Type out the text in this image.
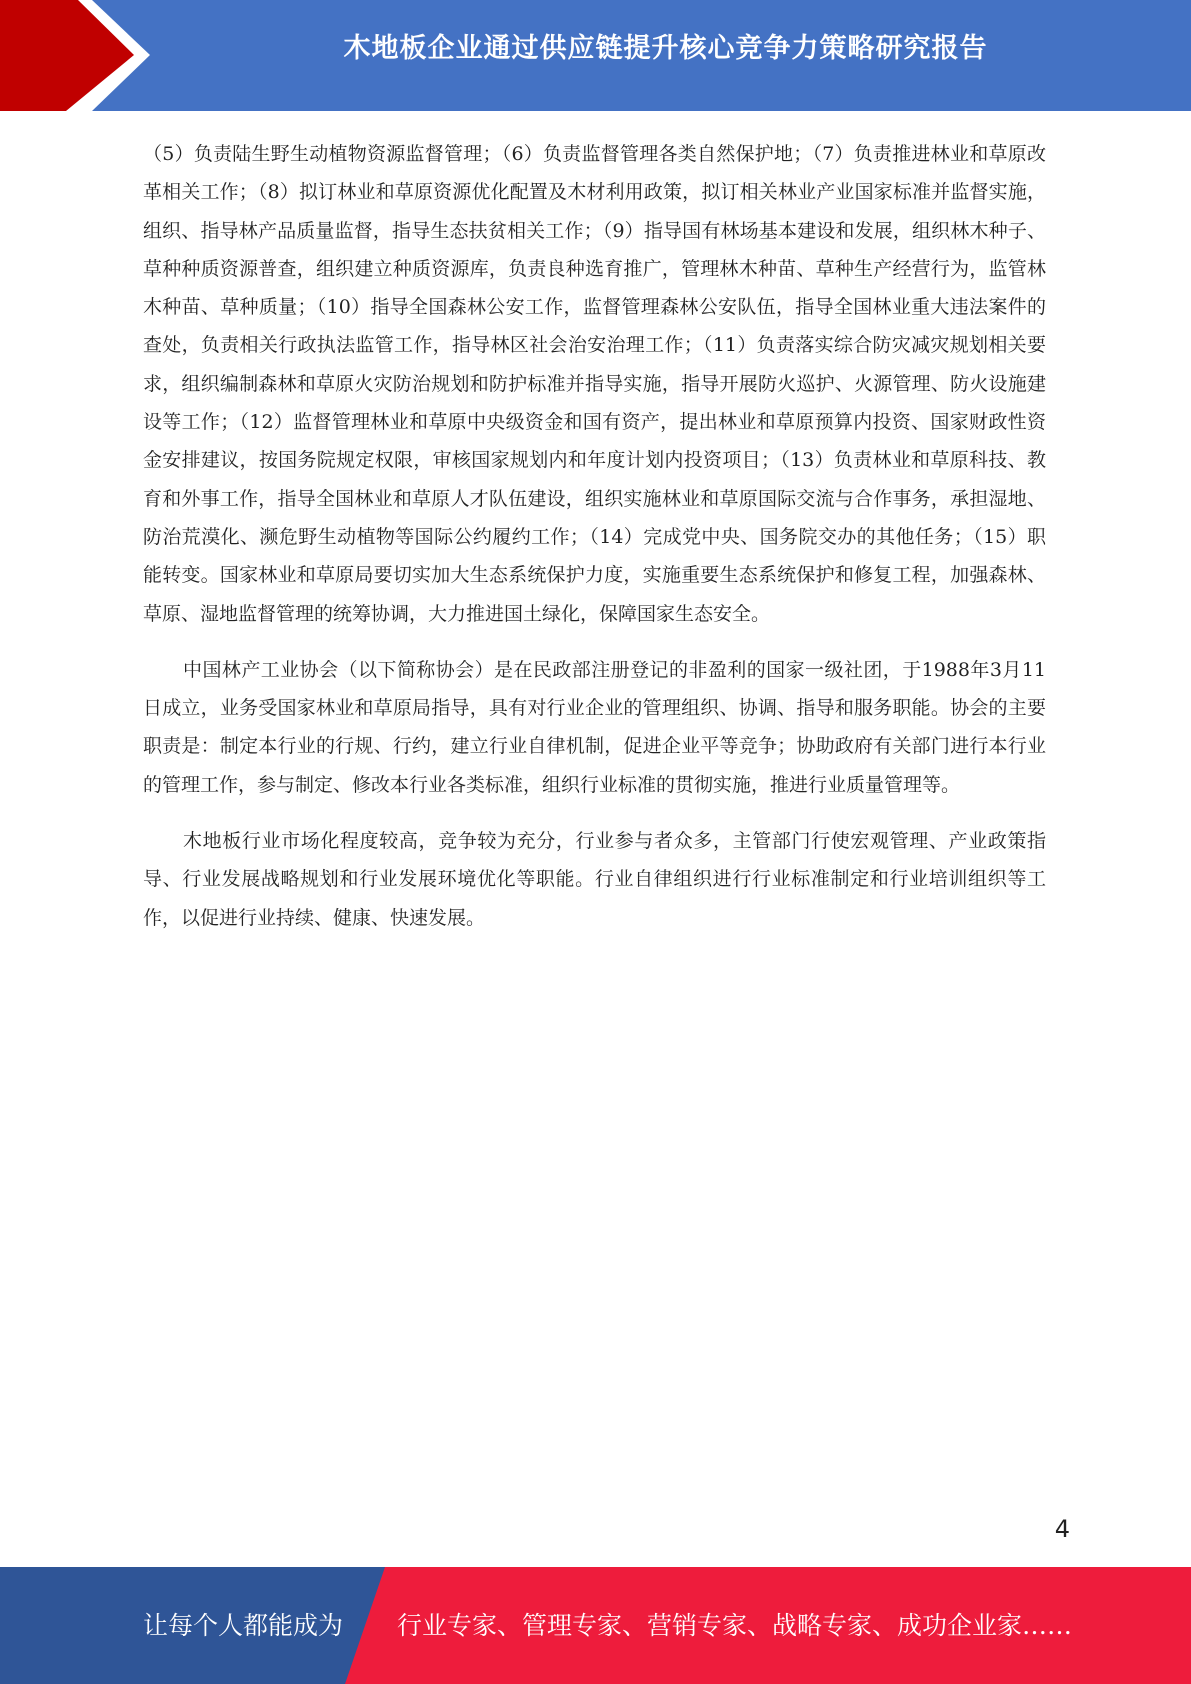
木地板企业通过供应链提升核心竞争力策略研究报告

（5）负责陆生野生动植物资源监督管理；（6）负责监督管理各类自然保护地；（7）负责推进林业和草原改革相关工作；（8）拟订林业和草原资源优化配置及木材利用政策，拟订相关林业产业国家标准并监督实施，组织、指导林产品质量监督，指导生态扶贫相关工作；（9）指导国有林场基本建设和发展，组织林木种子、草种种质资源普查，组织建立种质资源库，负责良种选育推广，管理林木种苗、草种生产经营行为，监管林木种苗、草种质量；（10）指导全国森林公安工作，监督管理森林公安队伍，指导全国林业重大违法案件的查处，负责相关行政执法监管工作，指导林区社会治安治理工作；（11）负责落实综合防灾减灾规划相关要求，组织编制森林和草原火灾防治规划和防护标准并指导实施，指导开展防火巡护、火源管理、防火设施建设等工作；（12）监督管理林业和草原中央级资金和国有资产，提出林业和草原预算内投资、国家财政性资金安排建议，按国务院规定权限，审核国家规划内和年度计划内投资项目；（13）负责林业和草原科技、教育和外事工作，指导全国林业和草原人才队伍建设，组织实施林业和草原国际交流与合作事务，承担湿地、防治荒漠化、濒危野生动植物等国际公约履约工作；（14）完成党中央、国务院交办的其他任务；（15）职能转变。国家林业和草原局要切实加大生态系统保护力度，实施重要生态系统保护和修复工程，加强森林、草原、湿地监督管理的统筹协调，大力推进国土绿化，保障国家生态安全。

中国林产工业协会（以下简称协会）是在民政部注册登记的非盈利的国家一级社团，于1988年3月11日成立，业务受国家林业和草原局指导，具有对行业企业的管理组织、协调、指导和服务职能。协会的主要职责是：制定本行业的行规、行约，建立行业自律机制，促进企业平等竞争；协助政府有关部门进行本行业的管理工作，参与制定、修改本行业各类标准，组织行业标准的贯彻实施，推进行业质量管理等。

木地板行业市场化程度较高，竞争较为充分，行业参与者众多，主管部门行使宏观管理、产业政策指导、行业发展战略规划和行业发展环境优化等职能。行业自律组织进行行业标准制定和行业培训组织等工作，以促进行业持续、健康、快速发展。

4
让每个人都能成为 行业专家、管理专家、营销专家、战略专家、成功企业家……
